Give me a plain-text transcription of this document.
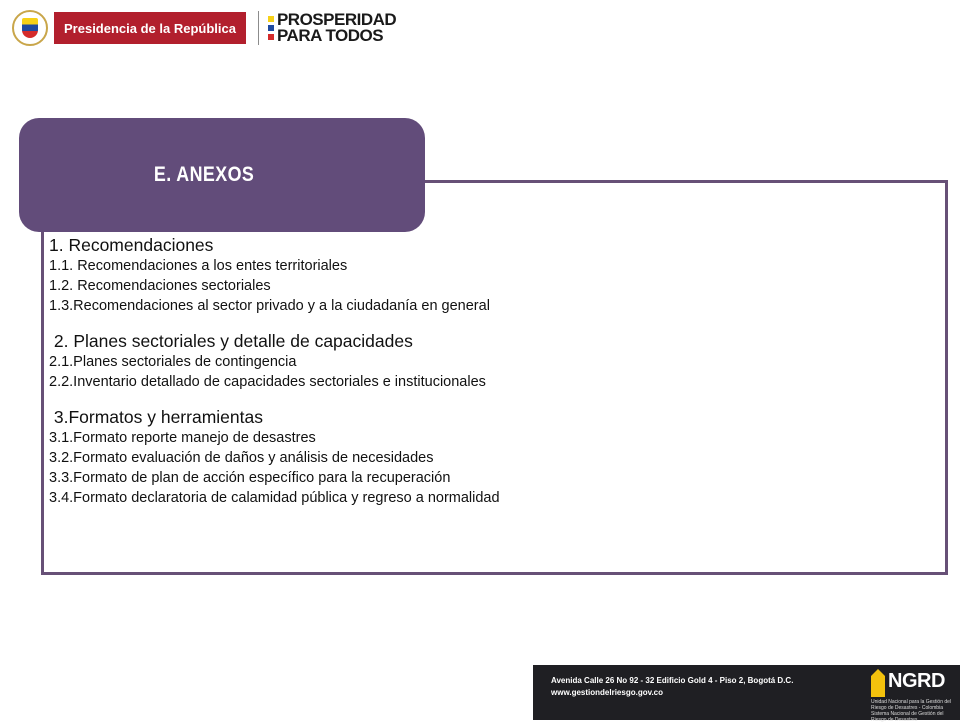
Presidencia de la República	PROSPERIDAD
PARA TODOS
E. ANEXOS

1. Recomendaciones

1.1. Recomendaciones a los entes territoriales

1.2. Recomendaciones sectoriales

1.3.Recomendaciones al sector privado y a la ciudadanía en general

2. Planes sectoriales y detalle de capacidades

2.1.Planes sectoriales de contingencia

2.2.Inventario detallado de capacidades sectoriales e institucionales

3.Formatos y herramientas

3.1.Formato reporte manejo de desastres

3.2.Formato evaluación de daños y análisis de necesidades

3.3.Formato de plan de acción específico para la recuperación

3.4.Formato declaratoria de calamidad pública y regreso a normalidad

Avenida Calle 26 No 92 - 32 Edificio Gold 4 - Piso 2, Bogotá D.C.
www.gestiondelriesgo.gov.co
NGRD
Unidad Nacional para la Gestión del Riesgo de Desastres - Colombia
Sistema Nacional de Gestión del Riesgo de Desastres
